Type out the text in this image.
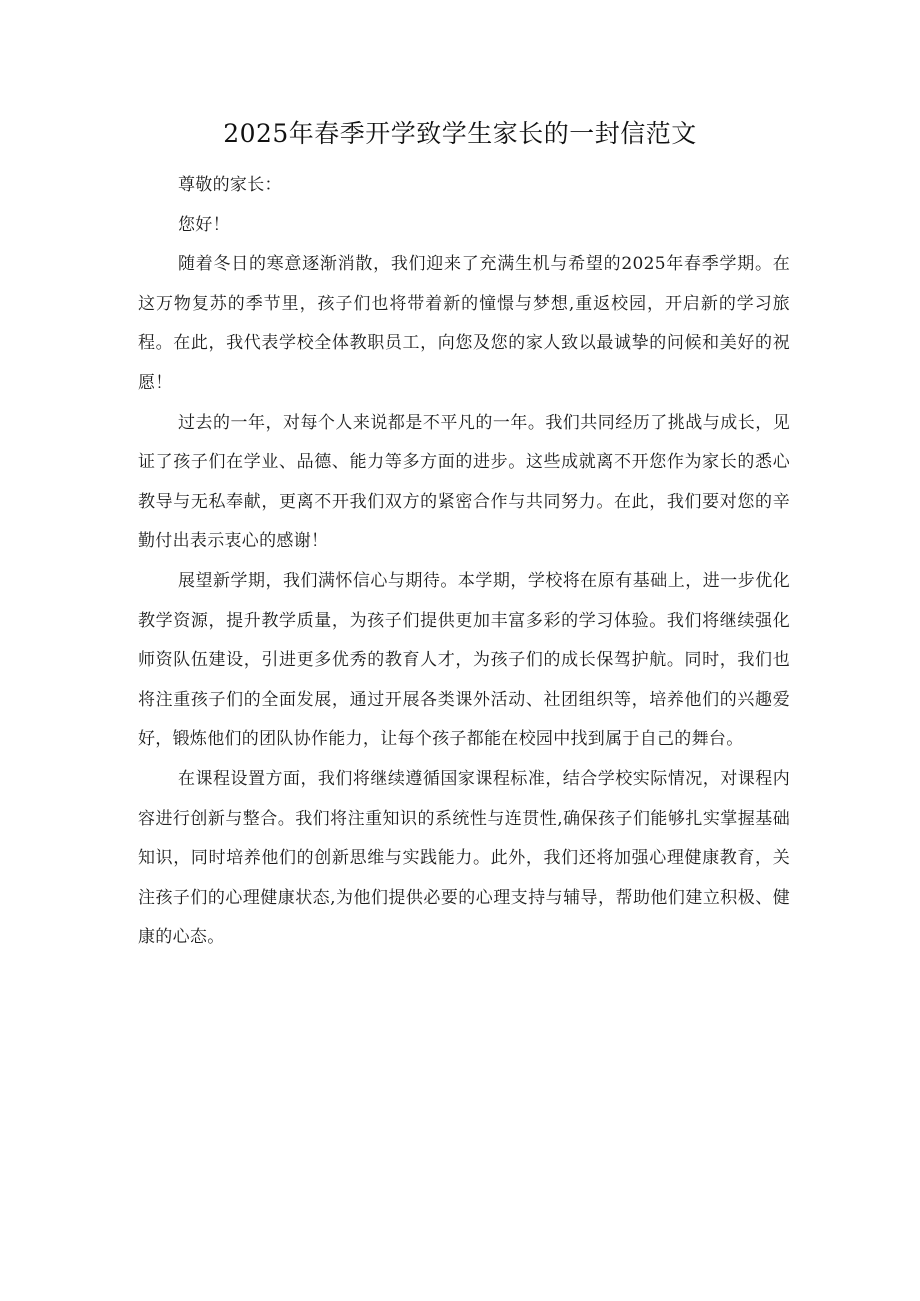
2025年春季开学致学生家长的一封信范文

尊敬的家长：

您好！

随着冬日的寒意逐渐消散，我们迎来了充满生机与希望的2025年春季学期。在这万物复苏的季节里，孩子们也将带着新的憧憬与梦想,重返校园，开启新的学习旅程。在此，我代表学校全体教职员工，向您及您的家人致以最诚挚的问候和美好的祝愿！

过去的一年，对每个人来说都是不平凡的一年。我们共同经历了挑战与成长，见证了孩子们在学业、品德、能力等多方面的进步。这些成就离不开您作为家长的悉心教导与无私奉献，更离不开我们双方的紧密合作与共同努力。在此，我们要对您的辛勤付出表示衷心的感谢！

展望新学期，我们满怀信心与期待。本学期，学校将在原有基础上，进一步优化教学资源，提升教学质量，为孩子们提供更加丰富多彩的学习体验。我们将继续强化师资队伍建设，引进更多优秀的教育人才，为孩子们的成长保驾护航。同时，我们也将注重孩子们的全面发展，通过开展各类课外活动、社团组织等，培养他们的兴趣爱好，锻炼他们的团队协作能力，让每个孩子都能在校园中找到属于自己的舞台。

在课程设置方面，我们将继续遵循国家课程标准，结合学校实际情况，对课程内容进行创新与整合。我们将注重知识的系统性与连贯性,确保孩子们能够扎实掌握基础知识，同时培养他们的创新思维与实践能力。此外，我们还将加强心理健康教育，关注孩子们的心理健康状态,为他们提供必要的心理支持与辅导，帮助他们建立积极、健康的心态。
